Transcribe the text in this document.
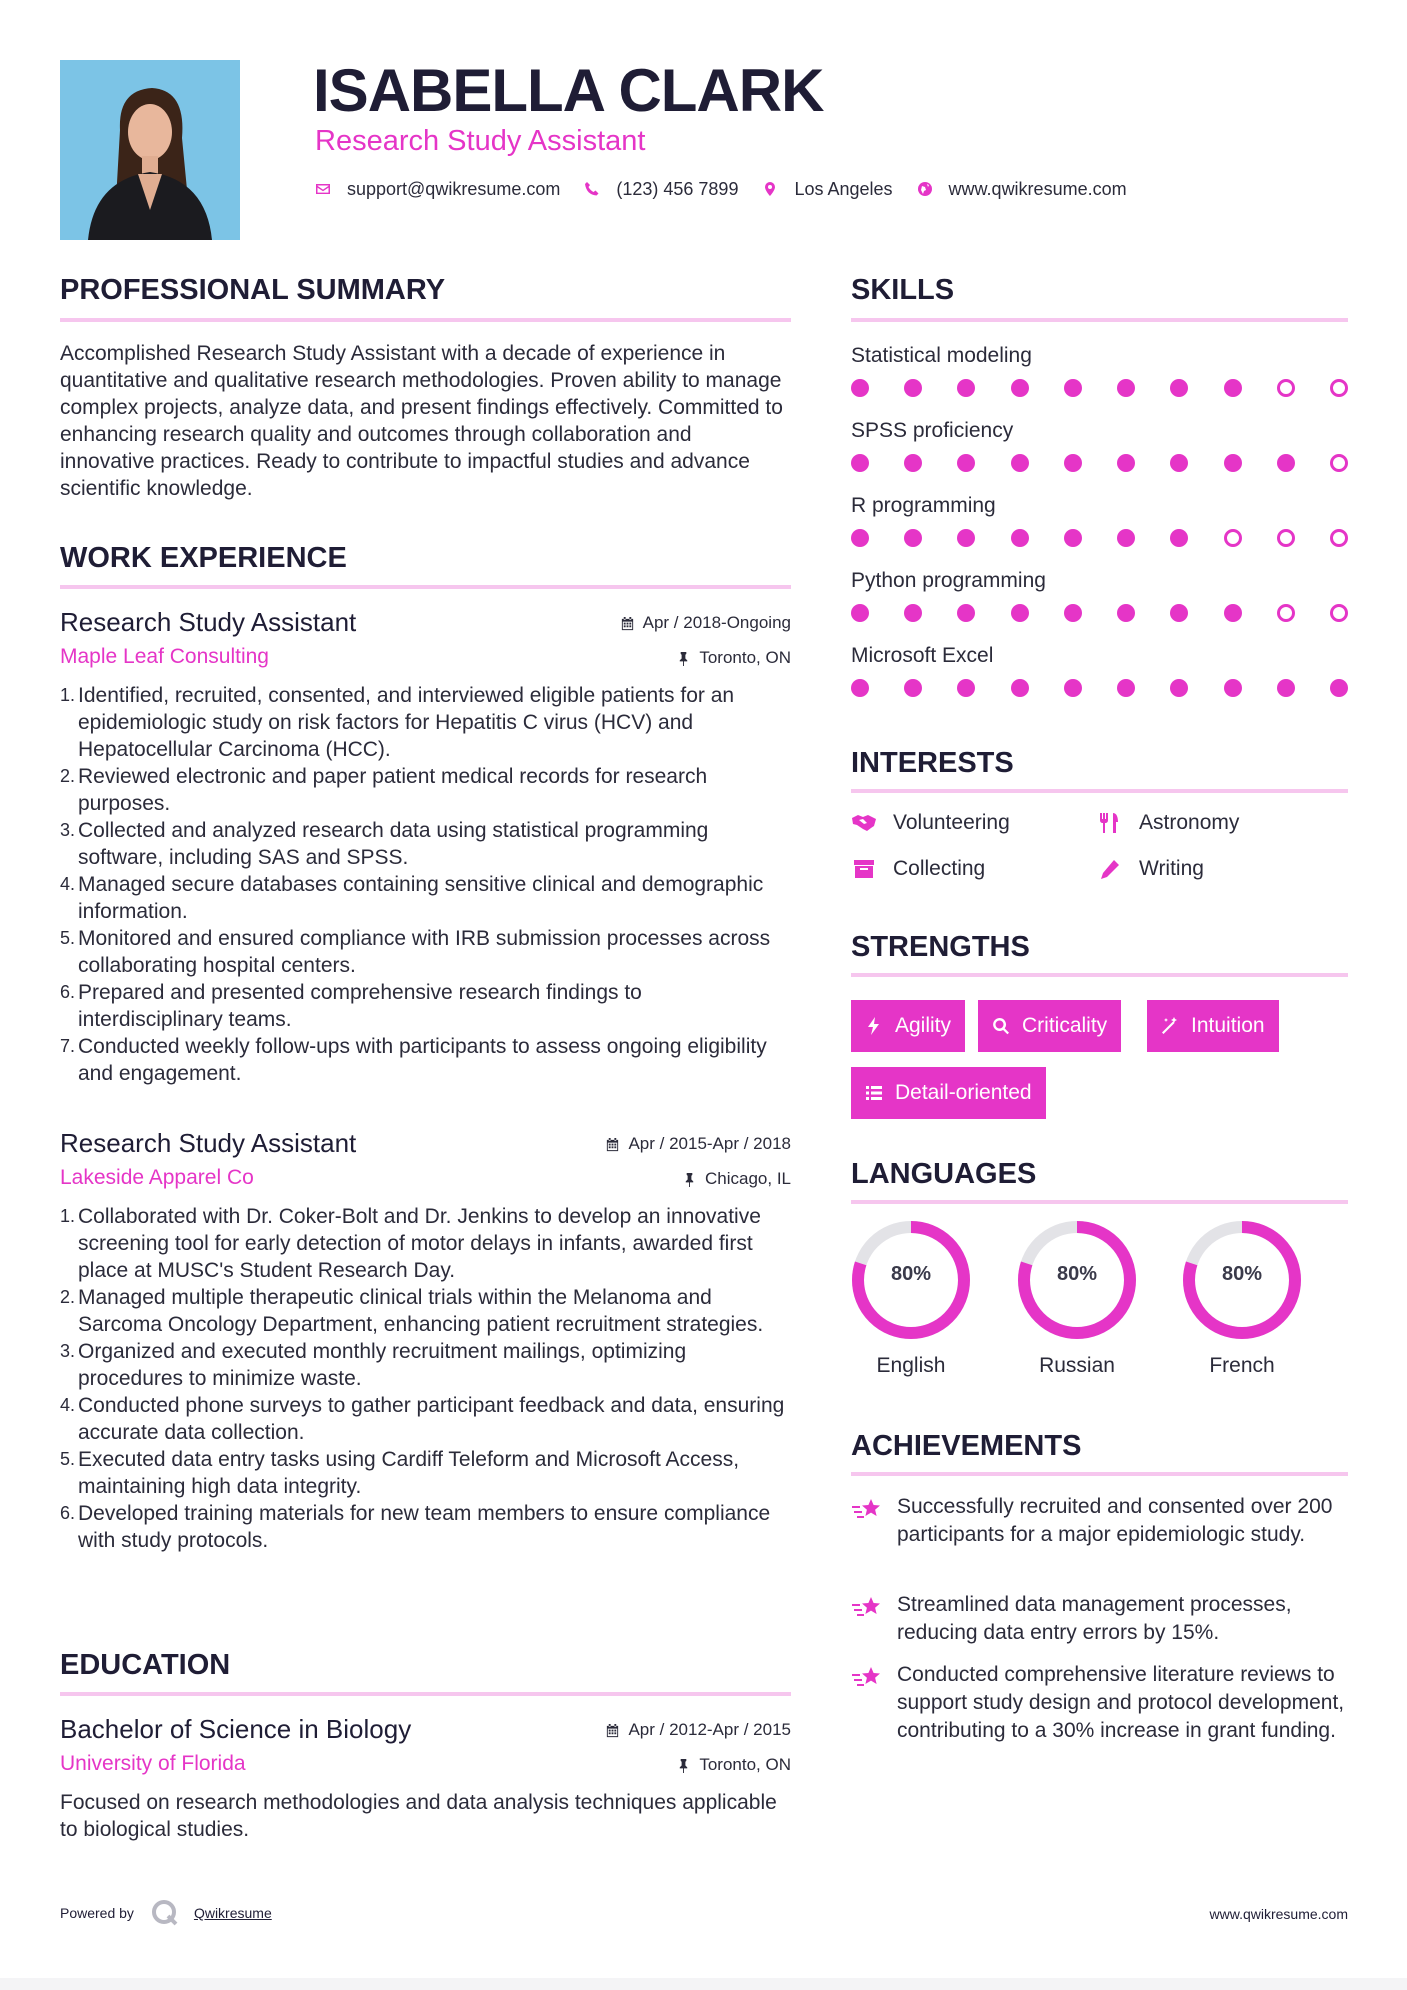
ISABELLA CLARK
Research Study Assistant
support@qwikresume.com	(123) 456 7899	Los Angeles	www.qwikresume.com
PROFESSIONAL SUMMARY
Accomplished Research Study Assistant with a decade of experience in quantitative and qualitative research methodologies. Proven ability to manage complex projects, analyze data, and present findings effectively. Committed to enhancing research quality and outcomes through collaboration and innovative practices. Ready to contribute to impactful studies and advance scientific knowledge.
WORK EXPERIENCE
Research Study Assistant
Maple Leaf Consulting
Apr / 2018-Ongoing
Toronto, ON
Identified, recruited, consented, and interviewed eligible patients for an epidemiologic study on risk factors for Hepatitis C virus (HCV) and Hepatocellular Carcinoma (HCC).
Reviewed electronic and paper patient medical records for research purposes.
Collected and analyzed research data using statistical programming software, including SAS and SPSS.
Managed secure databases containing sensitive clinical and demographic information.
Monitored and ensured compliance with IRB submission processes across collaborating hospital centers.
Prepared and presented comprehensive research findings to interdisciplinary teams.
Conducted weekly follow-ups with participants to assess ongoing eligibility and engagement.
Research Study Assistant
Lakeside Apparel Co
Apr / 2015-Apr / 2018
Chicago, IL
Collaborated with Dr. Coker-Bolt and Dr. Jenkins to develop an innovative screening tool for early detection of motor delays in infants, awarded first place at MUSC's Student Research Day.
Managed multiple therapeutic clinical trials within the Melanoma and Sarcoma Oncology Department, enhancing patient recruitment strategies.
Organized and executed monthly recruitment mailings, optimizing procedures to minimize waste.
Conducted phone surveys to gather participant feedback and data, ensuring accurate data collection.
Executed data entry tasks using Cardiff Teleform and Microsoft Access, maintaining high data integrity.
Developed training materials for new team members to ensure compliance with study protocols.
EDUCATION
Bachelor of Science in Biology
University of Florida
Apr / 2012-Apr / 2015
Toronto, ON
Focused on research methodologies and data analysis techniques applicable to biological studies.
SKILLS
Statistical modeling
SPSS proficiency
R programming
Python programming
Microsoft Excel
INTERESTS
Volunteering	Astronomy
Collecting	Writing
STRENGTHS
Agility	Criticality	Intuition
Detail-oriented
LANGUAGES
80%
English
80%
Russian
80%
French
ACHIEVEMENTS
Successfully recruited and consented over 200 participants for a major epidemiologic study.
Streamlined data management processes, reducing data entry errors by 15%.
Conducted comprehensive literature reviews to support study design and protocol development, contributing to a 30% increase in grant funding.
Powered by	Qwikresume	www.qwikresume.com
